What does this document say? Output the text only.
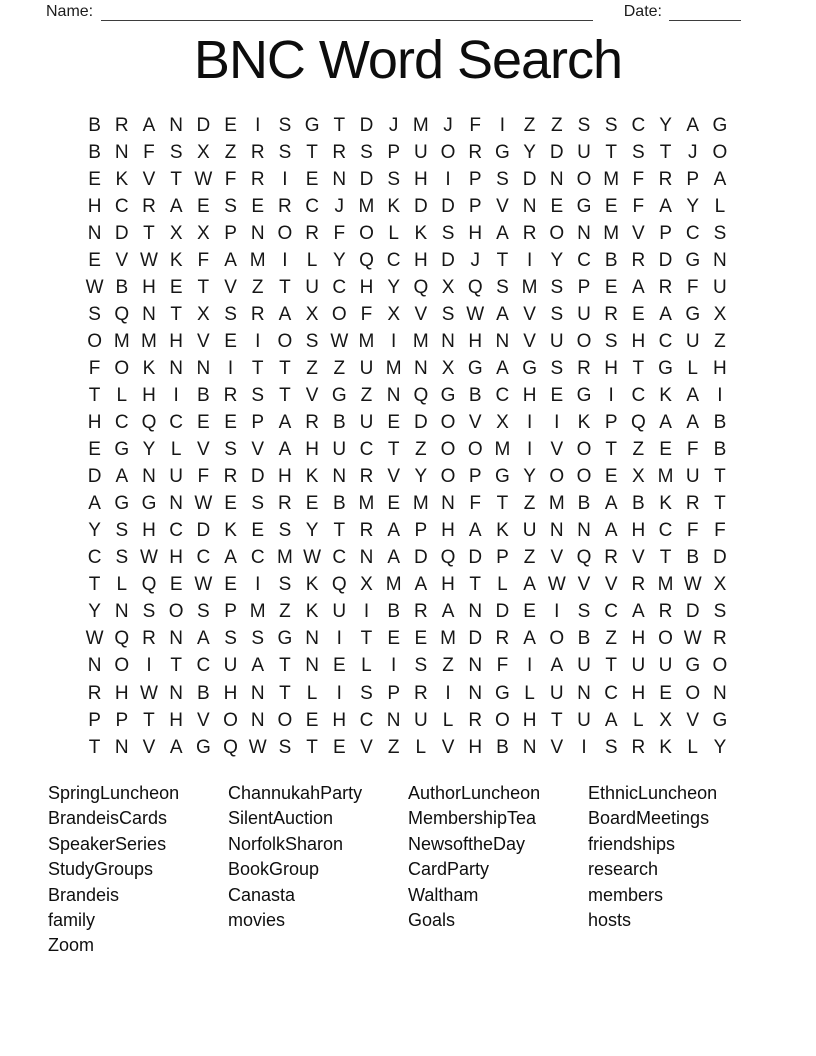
Name:	Date:
BNC Word Search
B R A N D E I S G T D J M J F I Z Z S S C Y A G
B N F S X Z R S T R S P U O R G Y D U T S T J O
E K V T W F R I E N D S H I P S D N O M F R P A
H C R A E S E R C J M K D D P V N E G E F A Y L
N D T X X P N O R F O L K S H A R O N M V P C S
E V W K F A M I	L Y Q C H D J T I Y C B R D G N
W B H E T V Z T U C H Y Q X Q S M S P E A R F U
S Q N T X S R A X O F X V S W A V S U R E A G X
O M M H V E I O S W M I M N H N V U O S H C U Z
F O K N N I T T Z Z U M N X G A G S R H T G L H
T L H I B R S T V G Z N Q G B C H E G I C K A I
H C Q C E E P A R B U E D O V X I	I K P Q A A B
E G Y L V S V A H U C T Z O O M I V O T Z E F B
D A N U F R D H K N R V Y O P G Y O O E X M U T
A G G N W E S R E B M E M N F T Z M B A B K R T
Y S H C D K E S Y T R A P H A K U N N A H C F F
C S W H C A C M W C N A D Q D P Z V Q R V T B D
T L Q E W E I S K Q X M A H T L A W V V R M W X
Y N S O S P M Z K U I B R A N D E I S C A R D S
W Q R N A S S G N I T E E M D R A O B Z H O W R
N O I T C U A T N E L	I S Z N F I A U T U U G O
R H W N B H N T L	I S P R I N G L U N C H E O N
P P T H V O N O E H C N U L R O H T U A L X V G
T N V A G Q W S T E V Z L V H B N V I S R K L Y
SpringLuncheon
BrandeisCards
SpeakerSeries
StudyGroups
Brandeis
family
Zoom
ChannukahParty
SilentAuction
NorfolkSharon
BookGroup
Canasta
movies
AuthorLuncheon
MembershipTea
NewsoftheDay
CardParty
Waltham
Goals
EthnicLuncheon
BoardMeetings
friendships
research
members
hosts
